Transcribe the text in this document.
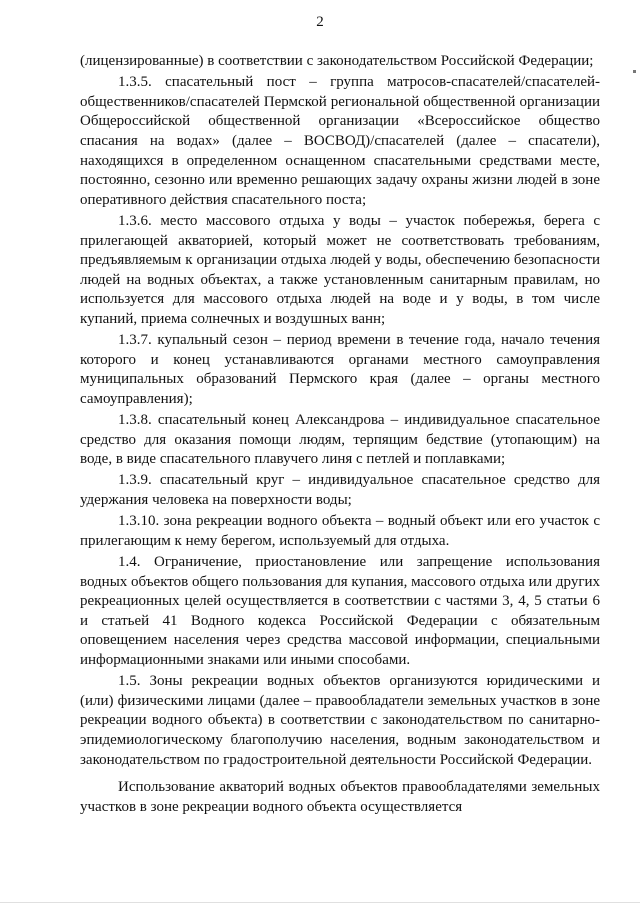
2

(лицензированные) в соответствии с законодательством Российской Федерации;

1.3.5. спасательный пост – группа матросов-спасателей/спасателей-общественников/спасателей Пермской региональной общественной организации Общероссийской общественной организации «Всероссийское общество спасания на водах» (далее – ВОСВОД)/спасателей (далее – спасатели), находящихся в определенном оснащенном спасательными средствами месте, постоянно, сезонно или временно решающих задачу охраны жизни людей в зоне оперативного действия спасательного поста;

1.3.6. место массового отдыха у воды – участок побережья, берега с прилегающей акваторией, который может не соответствовать требованиям, предъявляемым к организации отдыха людей у воды, обеспечению безопасности людей на водных объектах, а также установленным санитарным правилам, но используется для массового отдыха людей на воде и у воды, в том числе купаний, приема солнечных и воздушных ванн;

1.3.7. купальный сезон – период времени в течение года, начало течения которого и конец устанавливаются органами местного самоуправления муниципальных образований Пермского края (далее – органы местного самоуправления);

1.3.8. спасательный конец Александрова – индивидуальное спасательное средство для оказания помощи людям, терпящим бедствие (утопающим) на воде, в виде спасательного плавучего линя с петлей и поплавками;

1.3.9. спасательный круг – индивидуальное спасательное средство для удержания человека на поверхности воды;

1.3.10. зона рекреации водного объекта – водный объект или его участок с прилегающим к нему берегом, используемый для отдыха.

1.4. Ограничение, приостановление или запрещение использования водных объектов общего пользования для купания, массового отдыха или других рекреационных целей осуществляется в соответствии с частями 3, 4, 5 статьи 6 и статьей 41 Водного кодекса Российской Федерации с обязательным оповещением населения через средства массовой информации, специальными информационными знаками или иными способами.

1.5. Зоны рекреации водных объектов организуются юридическими и (или) физическими лицами (далее – правообладатели земельных участков в зоне рекреации водного объекта) в соответствии с законодательством по санитарно-эпидемиологическому благополучию населения, водным законодательством и законодательством по градостроительной деятельности Российской Федерации.

Использование акваторий водных объектов правообладателями земельных участков в зоне рекреации водного объекта осуществляется
